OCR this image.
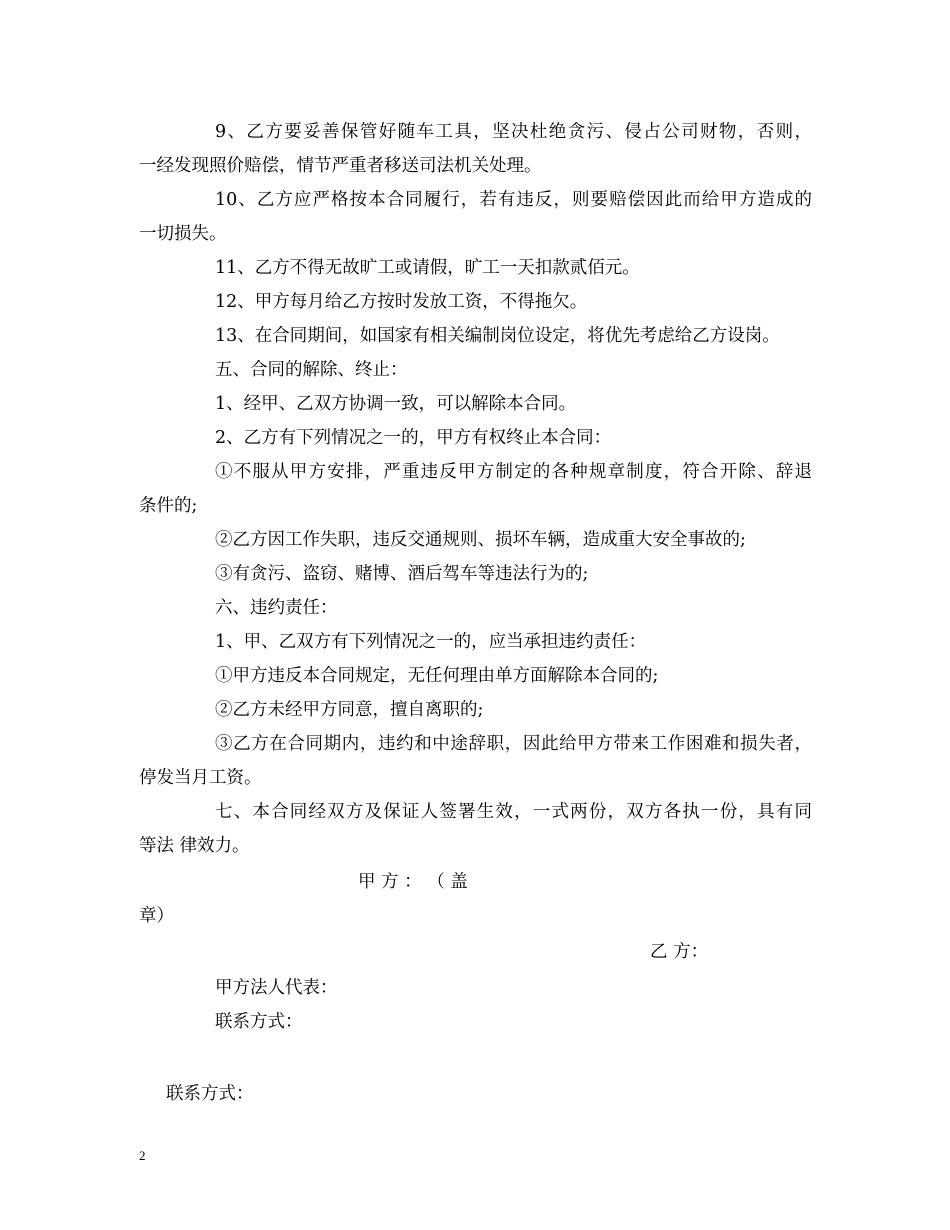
9、乙方要妥善保管好随车工具，坚决杜绝贪污、侵占公司财物，否则，
一经发现照价赔偿，情节严重者移送司法机关处理。
10、乙方应严格按本合同履行，若有违反，则要赔偿因此而给甲方造成的
一切损失。
11、乙方不得无故旷工或请假，旷工一天扣款贰佰元。
12、甲方每月给乙方按时发放工资，不得拖欠。
13、在合同期间，如国家有相关编制岗位设定，将优先考虑给乙方设岗。
五、合同的解除、终止：
1、经甲、乙双方协调一致，可以解除本合同。
2、乙方有下列情况之一的，甲方有权终止本合同：
①不服从甲方安排，严重违反甲方制定的各种规章制度，符合开除、辞退
条件的;
②乙方因工作失职，违反交通规则、损坏车辆，造成重大安全事故的;
③有贪污、盗窃、赌博、酒后驾车等违法行为的;
六、违约责任：
1、甲、乙双方有下列情况之一的，应当承担违约责任：
①甲方违反本合同规定，无任何理由单方面解除本合同的;
②乙方未经甲方同意，擅自离职的;
③乙方在合同期内，违约和中途辞职，因此给甲方带来工作困难和损失者，
停发当月工资。
七、本合同经双方及保证人签署生效，一式两份，双方各执一份，具有同
等法 律效力。
甲 方 ： （ 盖
章）
乙 方：
甲方法人代表：
联系方式：
联系方式：
2
